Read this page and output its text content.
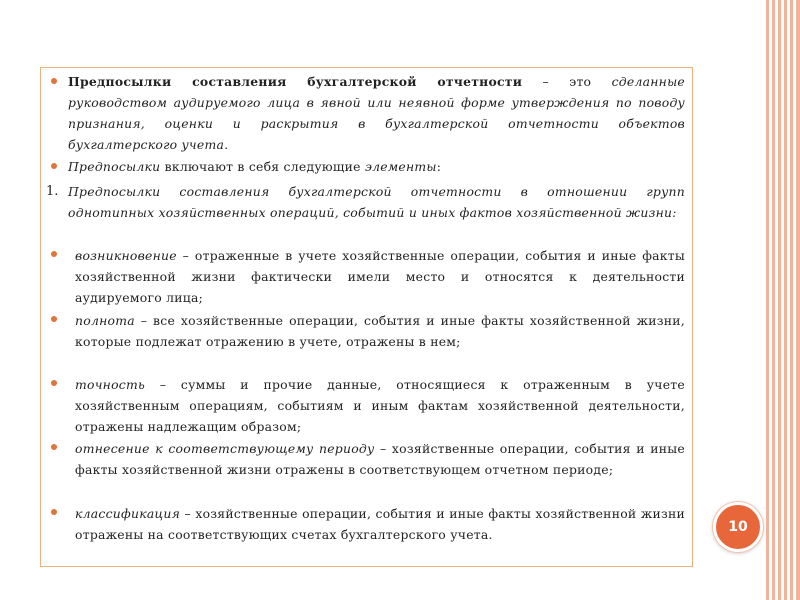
Предпосылки составления бухгалтерской отчетности – это сделанные руководством аудируемого лица в явной или неявной форме утверждения по поводу признания, оценки и раскрытия в бухгалтерской отчетности объектов бухгалтерского учета.
Предпосылки включают в себя следующие элементы:
1. Предпосылки составления бухгалтерской отчетности в отношении групп однотипных хозяйственных операций, событий и иных фактов хозяйственной жизни:
возникновение – отраженные в учете хозяйственные операции, события и иные факты хозяйственной жизни фактически имели место и относятся к деятельности аудируемого лица;
полнота – все хозяйственные операции, события и иные факты хозяйственной жизни, которые подлежат отражению в учете, отражены в нем;
точность – суммы и прочие данные, относящиеся к отраженным в учете хозяйственным операциям, событиям и иным фактам хозяйственной деятельности, отражены надлежащим образом;
отнесение к соответствующему периоду – хозяйственные операции, события и иные факты хозяйственной жизни отражены в соответствующем отчетном периоде;
классификация – хозяйственные операции, события и иные факты хозяйственной жизни отражены на соответствующих счетах бухгалтерского учета.	10
